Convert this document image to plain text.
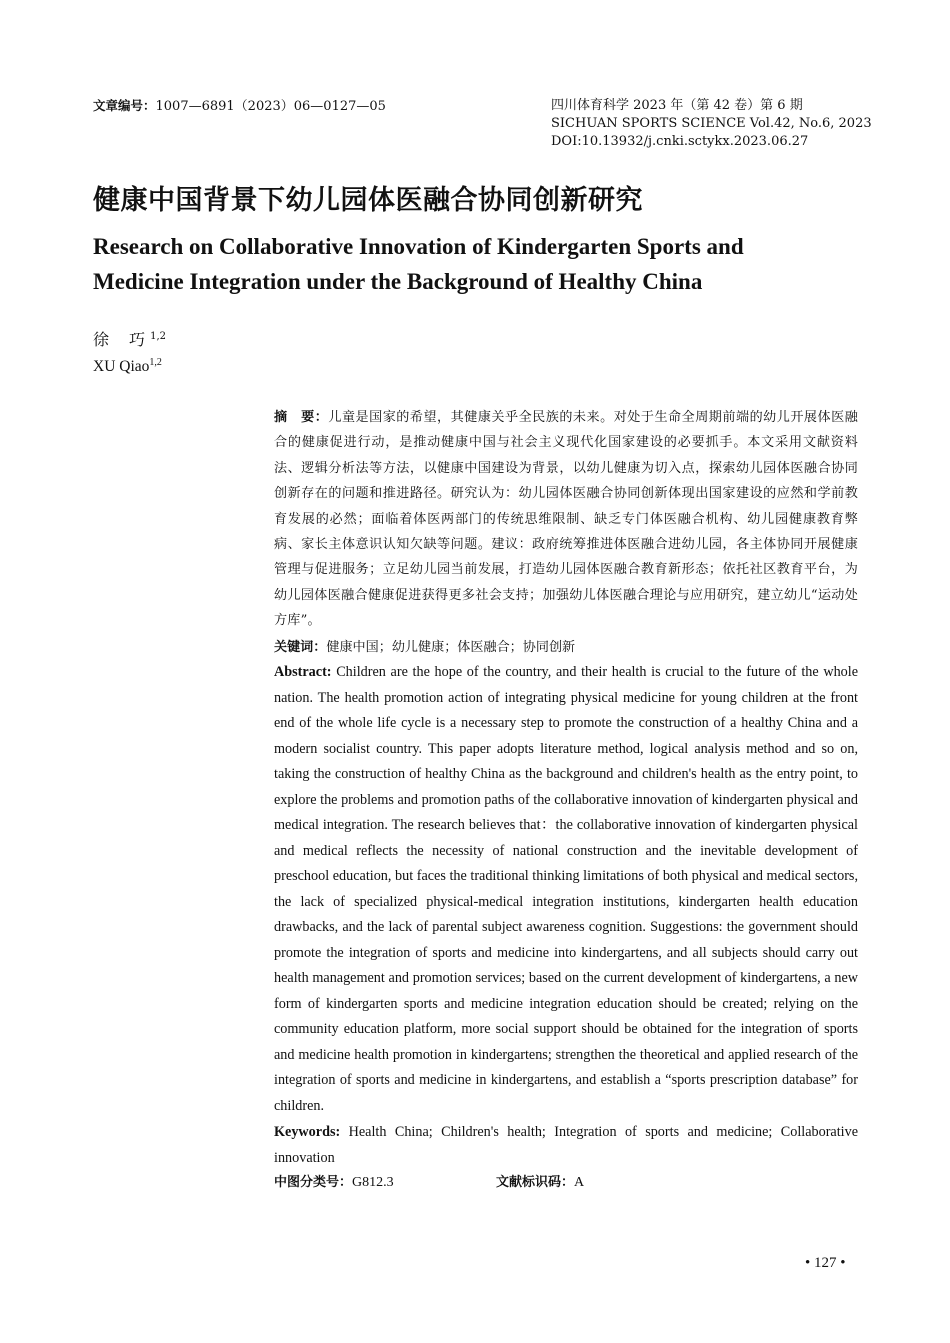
文章编号：1007—6891（2023）06—0127—05	四川体育科学 2023 年（第 42 卷）第 6 期
SICHUAN SPORTS SCIENCE Vol.42, No.6, 2023
DOI:10.13932/j.cnki.sctykx.2023.06.27
健康中国背景下幼儿园体医融合协同创新研究
Research on Collaborative Innovation of Kindergarten Sports and Medicine Integration under the Background of Healthy China
徐 巧 $^{1,2}$
XU Qiao$^{1,2}$
摘　要：儿童是国家的希望，其健康关乎全民族的未来。对处于生命全周期前端的幼儿开展体医融合的健康促进行动，是推动健康中国与社会主义现代化国家建设的必要抓手。本文采用文献资料法、逻辑分析法等方法，以健康中国建设为背景，以幼儿健康为切入点，探索幼儿园体医融合协同创新存在的问题和推进路径。研究认为：幼儿园体医融合协同创新体现出国家建设的应然和学前教育发展的必然；面临着体医两部门的传统思维限制、缺乏专门体医融合机构、幼儿园健康教育弊病、家长主体意识认知欠缺等问题。建议：政府统筹推进体医融合进幼儿园，各主体协同开展健康管理与促进服务；立足幼儿园当前发展，打造幼儿园体医融合教育新形态；依托社区教育平台，为幼儿园体医融合健康促进获得更多社会支持；加强幼儿体医融合理论与应用研究，建立幼儿“运动处方库”。
关键词：健康中国；幼儿健康；体医融合；协同创新
Abstract: Children are the hope of the country, and their health is crucial to the future of the whole nation. The health promotion action of integrating physical medicine for young children at the front end of the whole life cycle is a necessary step to promote the construction of a healthy China and a modern socialist country. This paper adopts literature method, logical analysis method and so on, taking the construction of healthy China as the background and children's health as the entry point, to explore the problems and promotion paths of the collaborative innovation of kindergarten physical and medical integration. The research believes that：the collaborative innovation of kindergarten physical and medical reflects the necessity of national construction and the inevitable development of preschool education, but faces the traditional thinking limitations of both physical and medical sectors, the lack of specialized physical-medical integration institutions, kindergarten health education drawbacks, and the lack of parental subject awareness cognition. Suggestions: the government should promote the integration of sports and medicine into kindergartens, and all subjects should carry out health management and promotion services; based on the current development of kindergartens, a new form of kindergarten sports and medicine integration education should be created; relying on the community education platform, more social support should be obtained for the integration of sports and medicine health promotion in kindergartens; strengthen the theoretical and applied research of the integration of sports and medicine in kindergartens, and establish a “sports prescription database” for children.
Keywords: Health China; Children's health; Integration of sports and medicine; Collaborative innovation
中图分类号：G812.3	文献标识码：A
• 127 •
